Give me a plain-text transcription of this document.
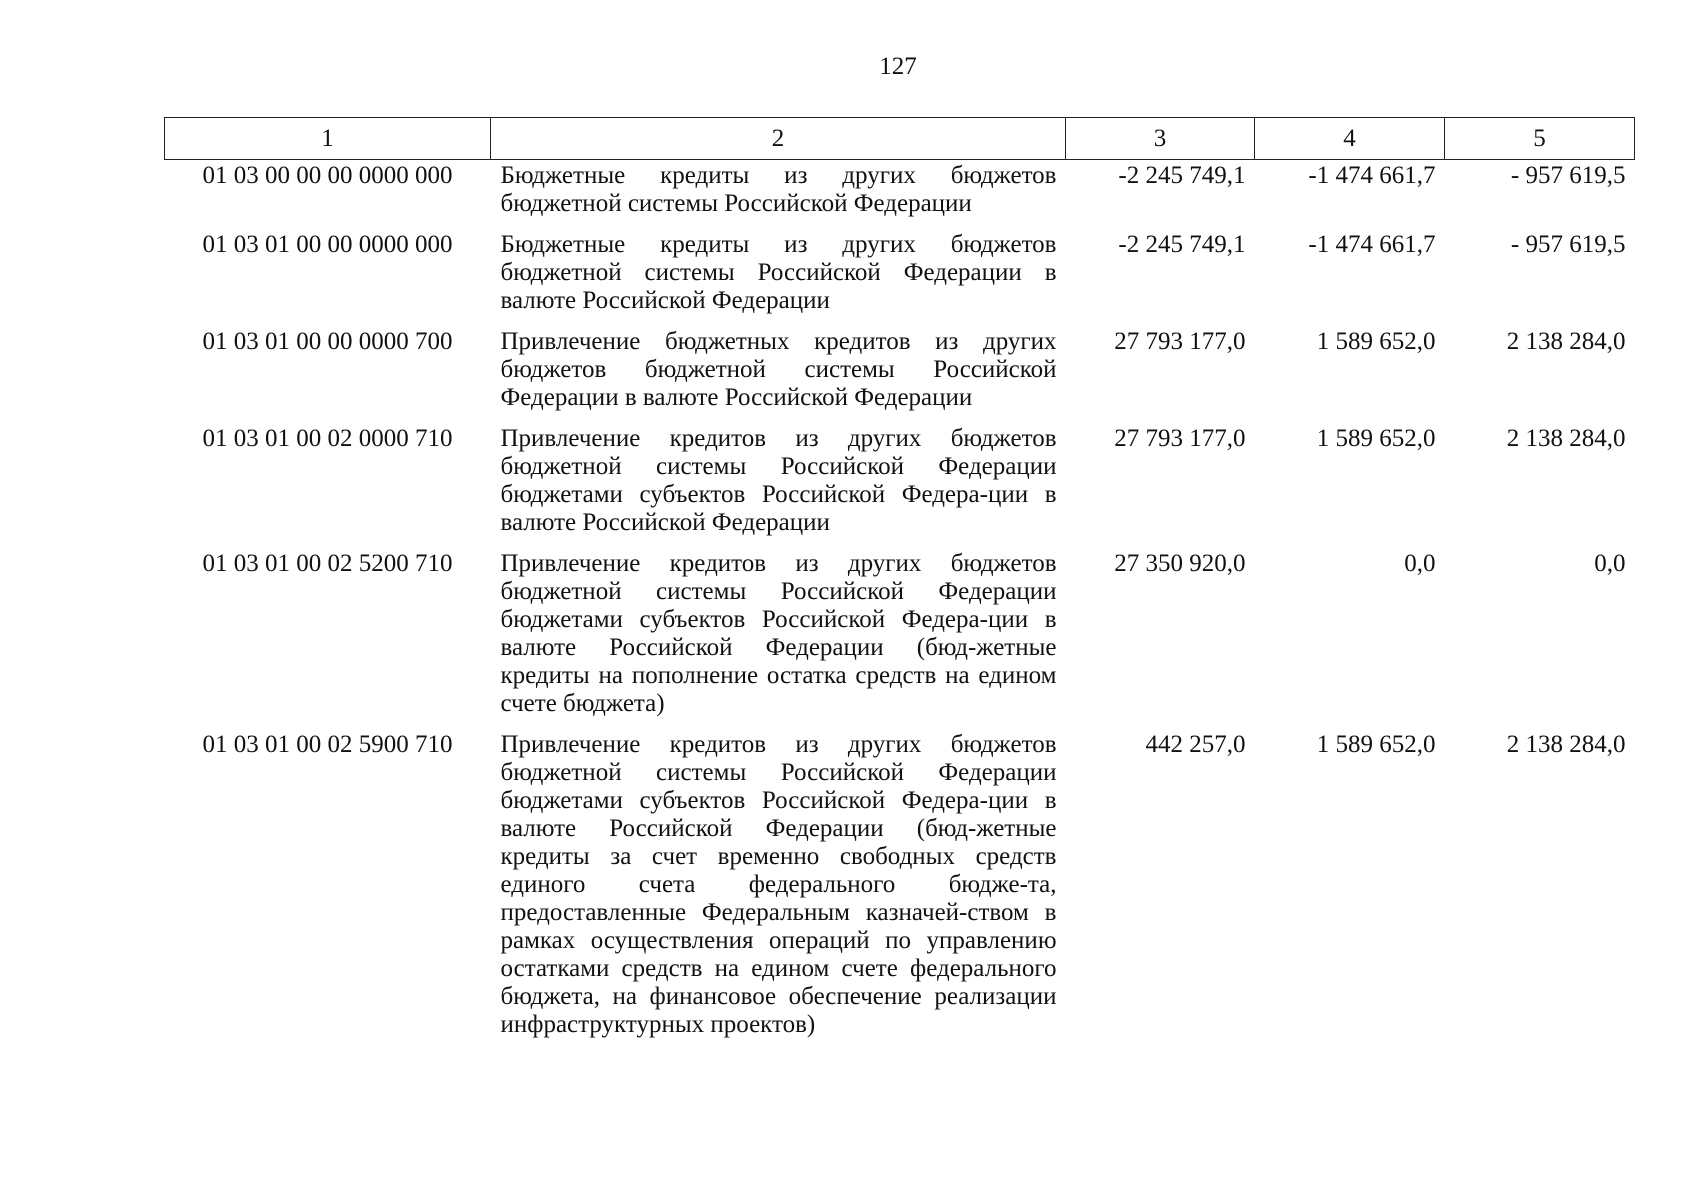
127
1	2	3	4	5
01 03 00 00 00 0000 000	Бюджетные кредиты из других бюджетов бюджетной системы Российской Федерации	-2 245 749,1	-1 474 661,7	- 957 619,5
01 03 01 00 00 0000 000	Бюджетные кредиты из других бюджетов бюджетной системы Российской Федерации в валюте Российской Федерации	-2 245 749,1	-1 474 661,7	- 957 619,5
01 03 01 00 00 0000 700	Привлечение бюджетных кредитов из других бюджетов бюджетной системы Российской Федерации в валюте Российской Федерации	27 793 177,0	1 589 652,0	2 138 284,0
01 03 01 00 02 0000 710	Привлечение кредитов из других бюджетов бюджетной системы Российской Федерации бюджетами субъектов Российской Федера-ции в валюте Российской Федерации	27 793 177,0	1 589 652,0	2 138 284,0
01 03 01 00 02 5200 710	Привлечение кредитов из других бюджетов бюджетной системы Российской Федерации бюджетами субъектов Российской Федера-ции в валюте Российской Федерации (бюд-жетные кредиты на пополнение остатка средств на едином счете бюджета)	27 350 920,0	0,0	0,0
01 03 01 00 02 5900 710	Привлечение кредитов из других бюджетов бюджетной системы Российской Федерации бюджетами субъектов Российской Федера-ции в валюте Российской Федерации (бюд-жетные кредиты за счет временно свободных средств единого счета федерального бюдже-та, предоставленные Федеральным казначей-ством в рамках осуществления операций по управлению остатками средств на едином счете федерального бюджета, на финансовое обеспечение реализации инфраструктурных проектов)	442 257,0	1 589 652,0	2 138 284,0
